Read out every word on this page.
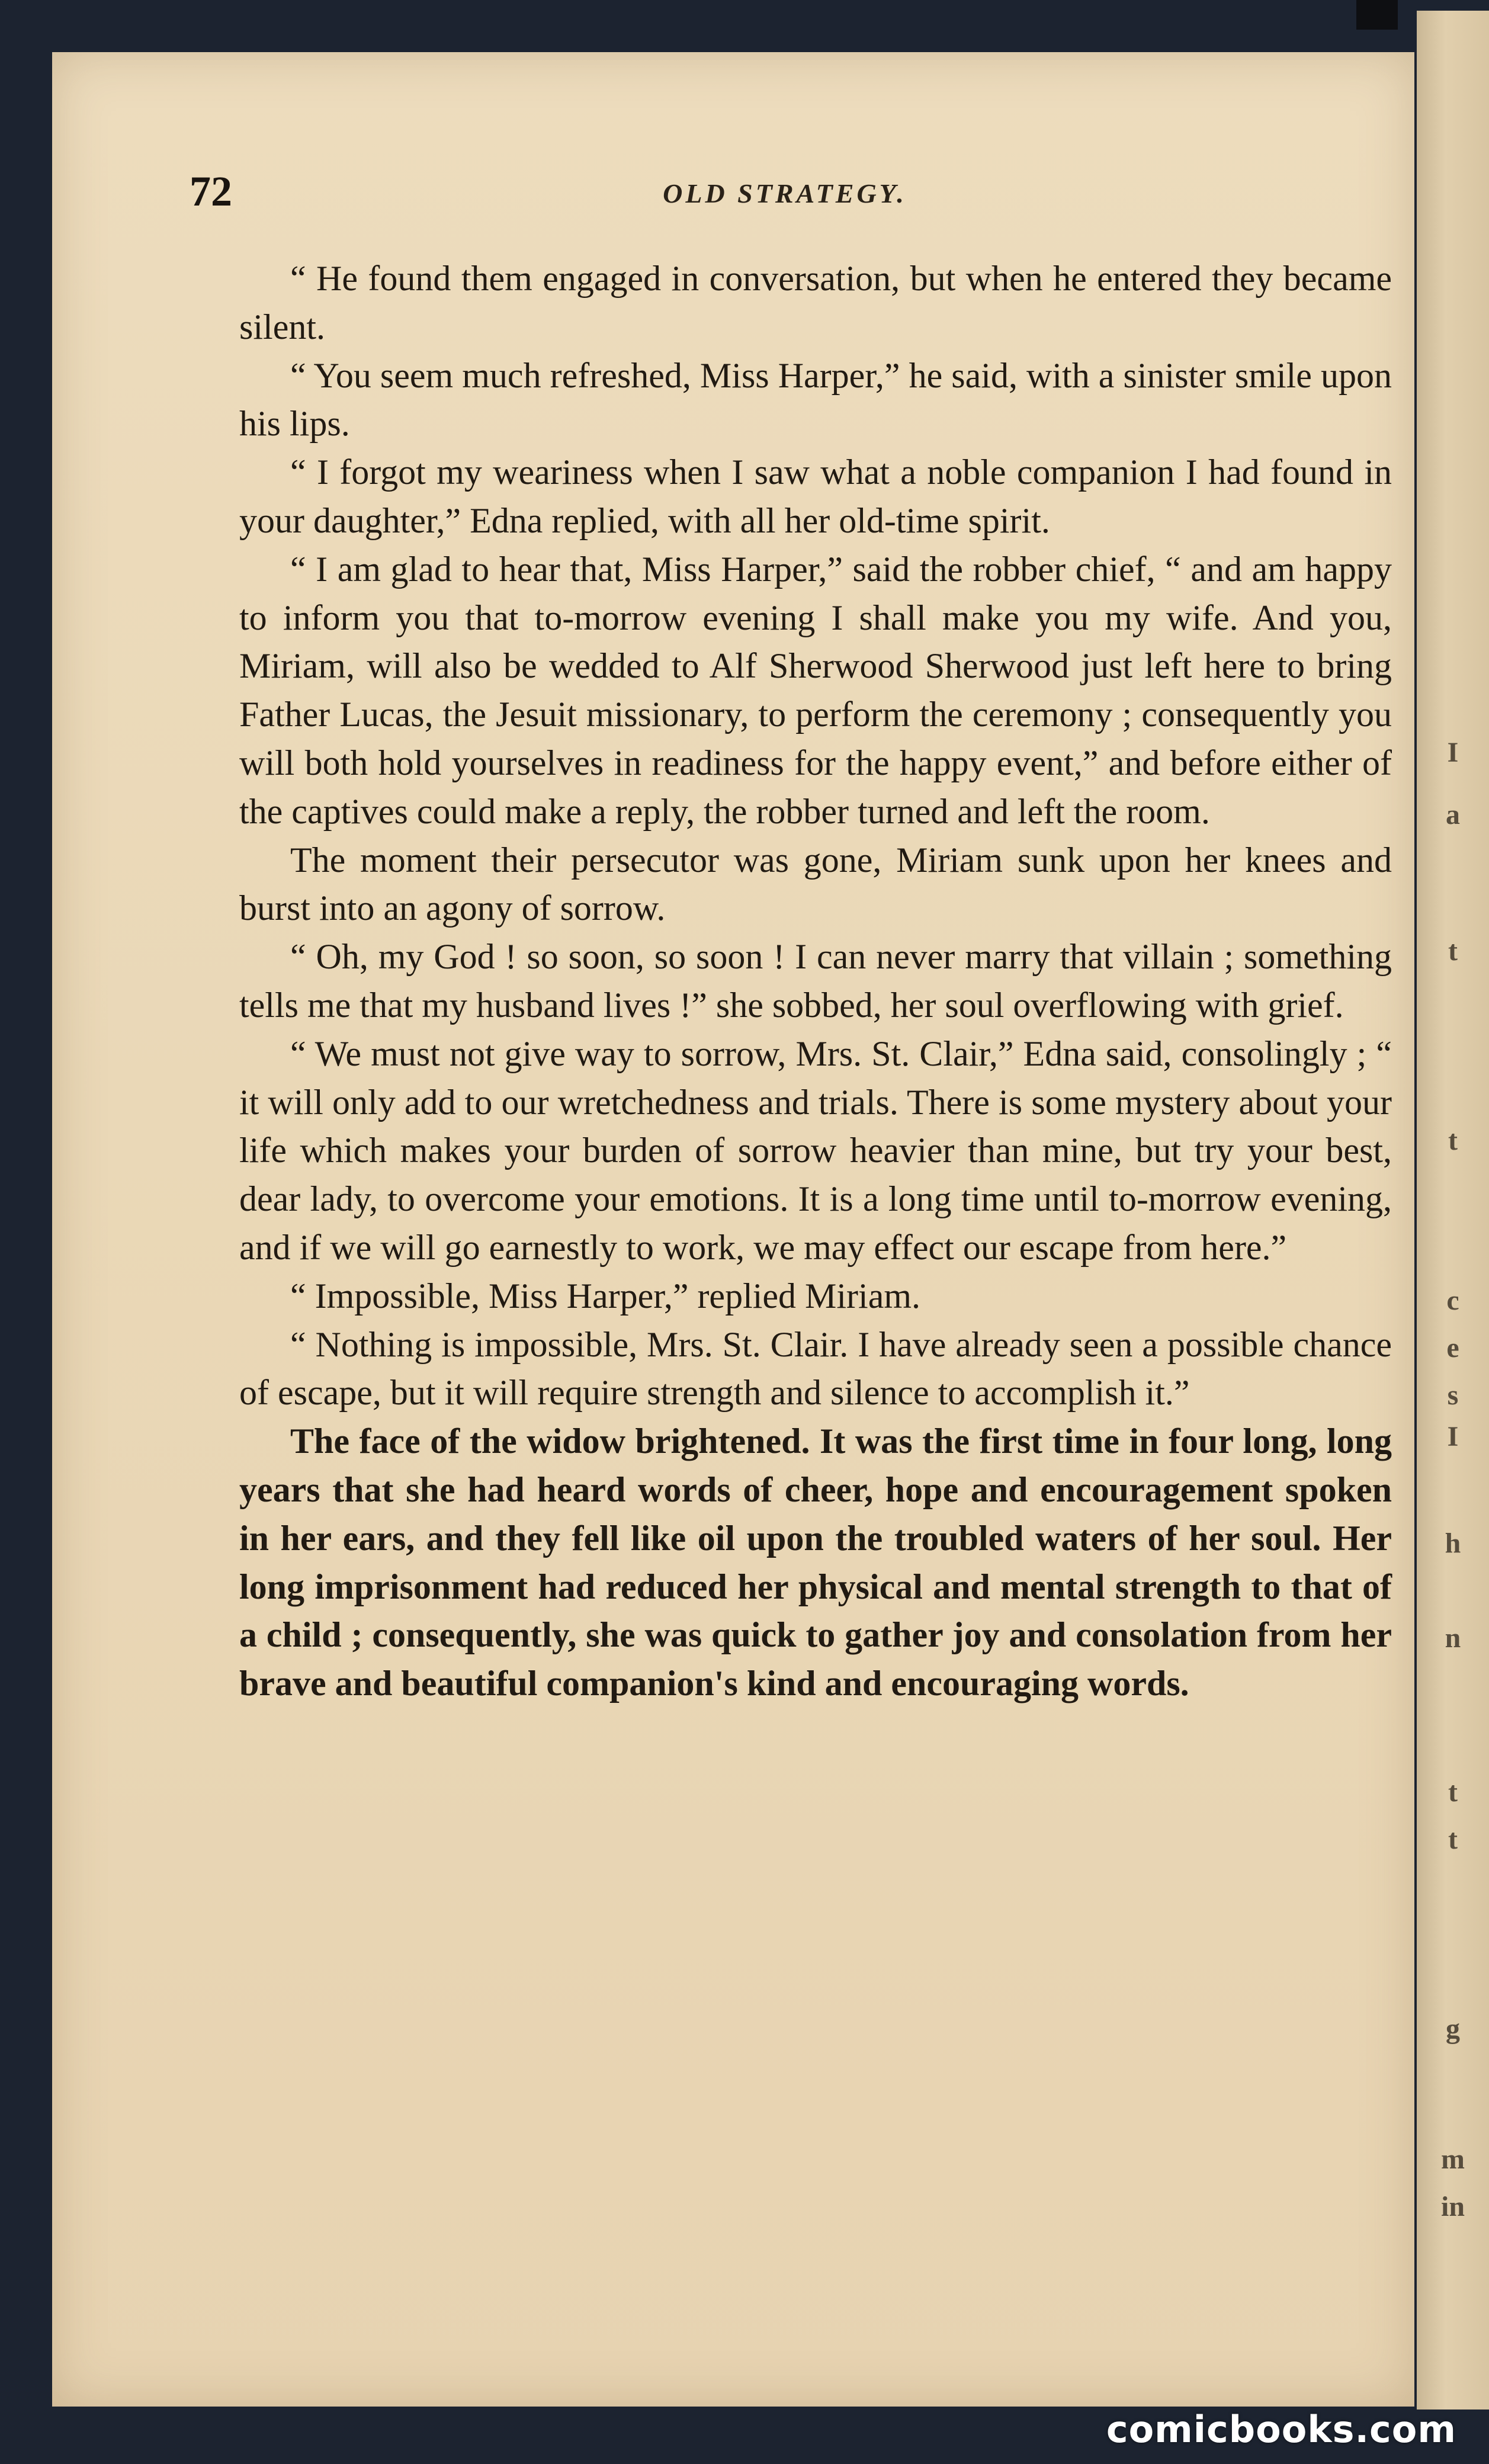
I
a
t
t
c
e
s
I
h
n
t
t
g
m
in
72	OLD STRATEGY.

“ He found them engaged in conversation, but when he entered they became silent.

“ You seem much refreshed, Miss Harper,” he said, with a sinister smile upon his lips.

“ I forgot my weariness when I saw what a noble companion I had found in your daughter,” Edna replied, with all her old-time spirit.

“ I am glad to hear that, Miss Harper,” said the robber chief, “ and am happy to inform you that to-morrow evening I shall make you my wife. And you, Miriam, will also be wedded to Alf Sherwood Sherwood just left here to bring Father Lucas, the Jesuit missionary, to perform the ceremony ; consequently you will both hold yourselves in readiness for the happy event,” and before either of the captives could make a reply, the robber turned and left the room.

The moment their persecutor was gone, Miriam sunk upon her knees and burst into an agony of sorrow.

“ Oh, my God ! so soon, so soon ! I can never marry that villain ; something tells me that my husband lives !” she sobbed, her soul overflowing with grief.

“ We must not give way to sorrow, Mrs. St. Clair,” Edna said, consolingly ; “ it will only add to our wretchedness and trials. There is some mystery about your life which makes your burden of sorrow heavier than mine, but try your best, dear lady, to overcome your emotions. It is a long time until to-morrow evening, and if we will go earnestly to work, we may effect our escape from here.”

“ Impossible, Miss Harper,” replied Miriam.

“ Nothing is impossible, Mrs. St. Clair. I have already seen a possible chance of escape, but it will require strength and silence to accomplish it.”

The face of the widow brightened. It was the first time in four long, long years that she had heard words of cheer, hope and encouragement spoken in her ears, and they fell like oil upon the troubled waters of her soul. Her long imprisonment had reduced her physical and mental strength to that of a child ; consequently, she was quick to gather joy and consolation from her brave and beautiful companion's kind and encouraging words.

comicbooks.com
